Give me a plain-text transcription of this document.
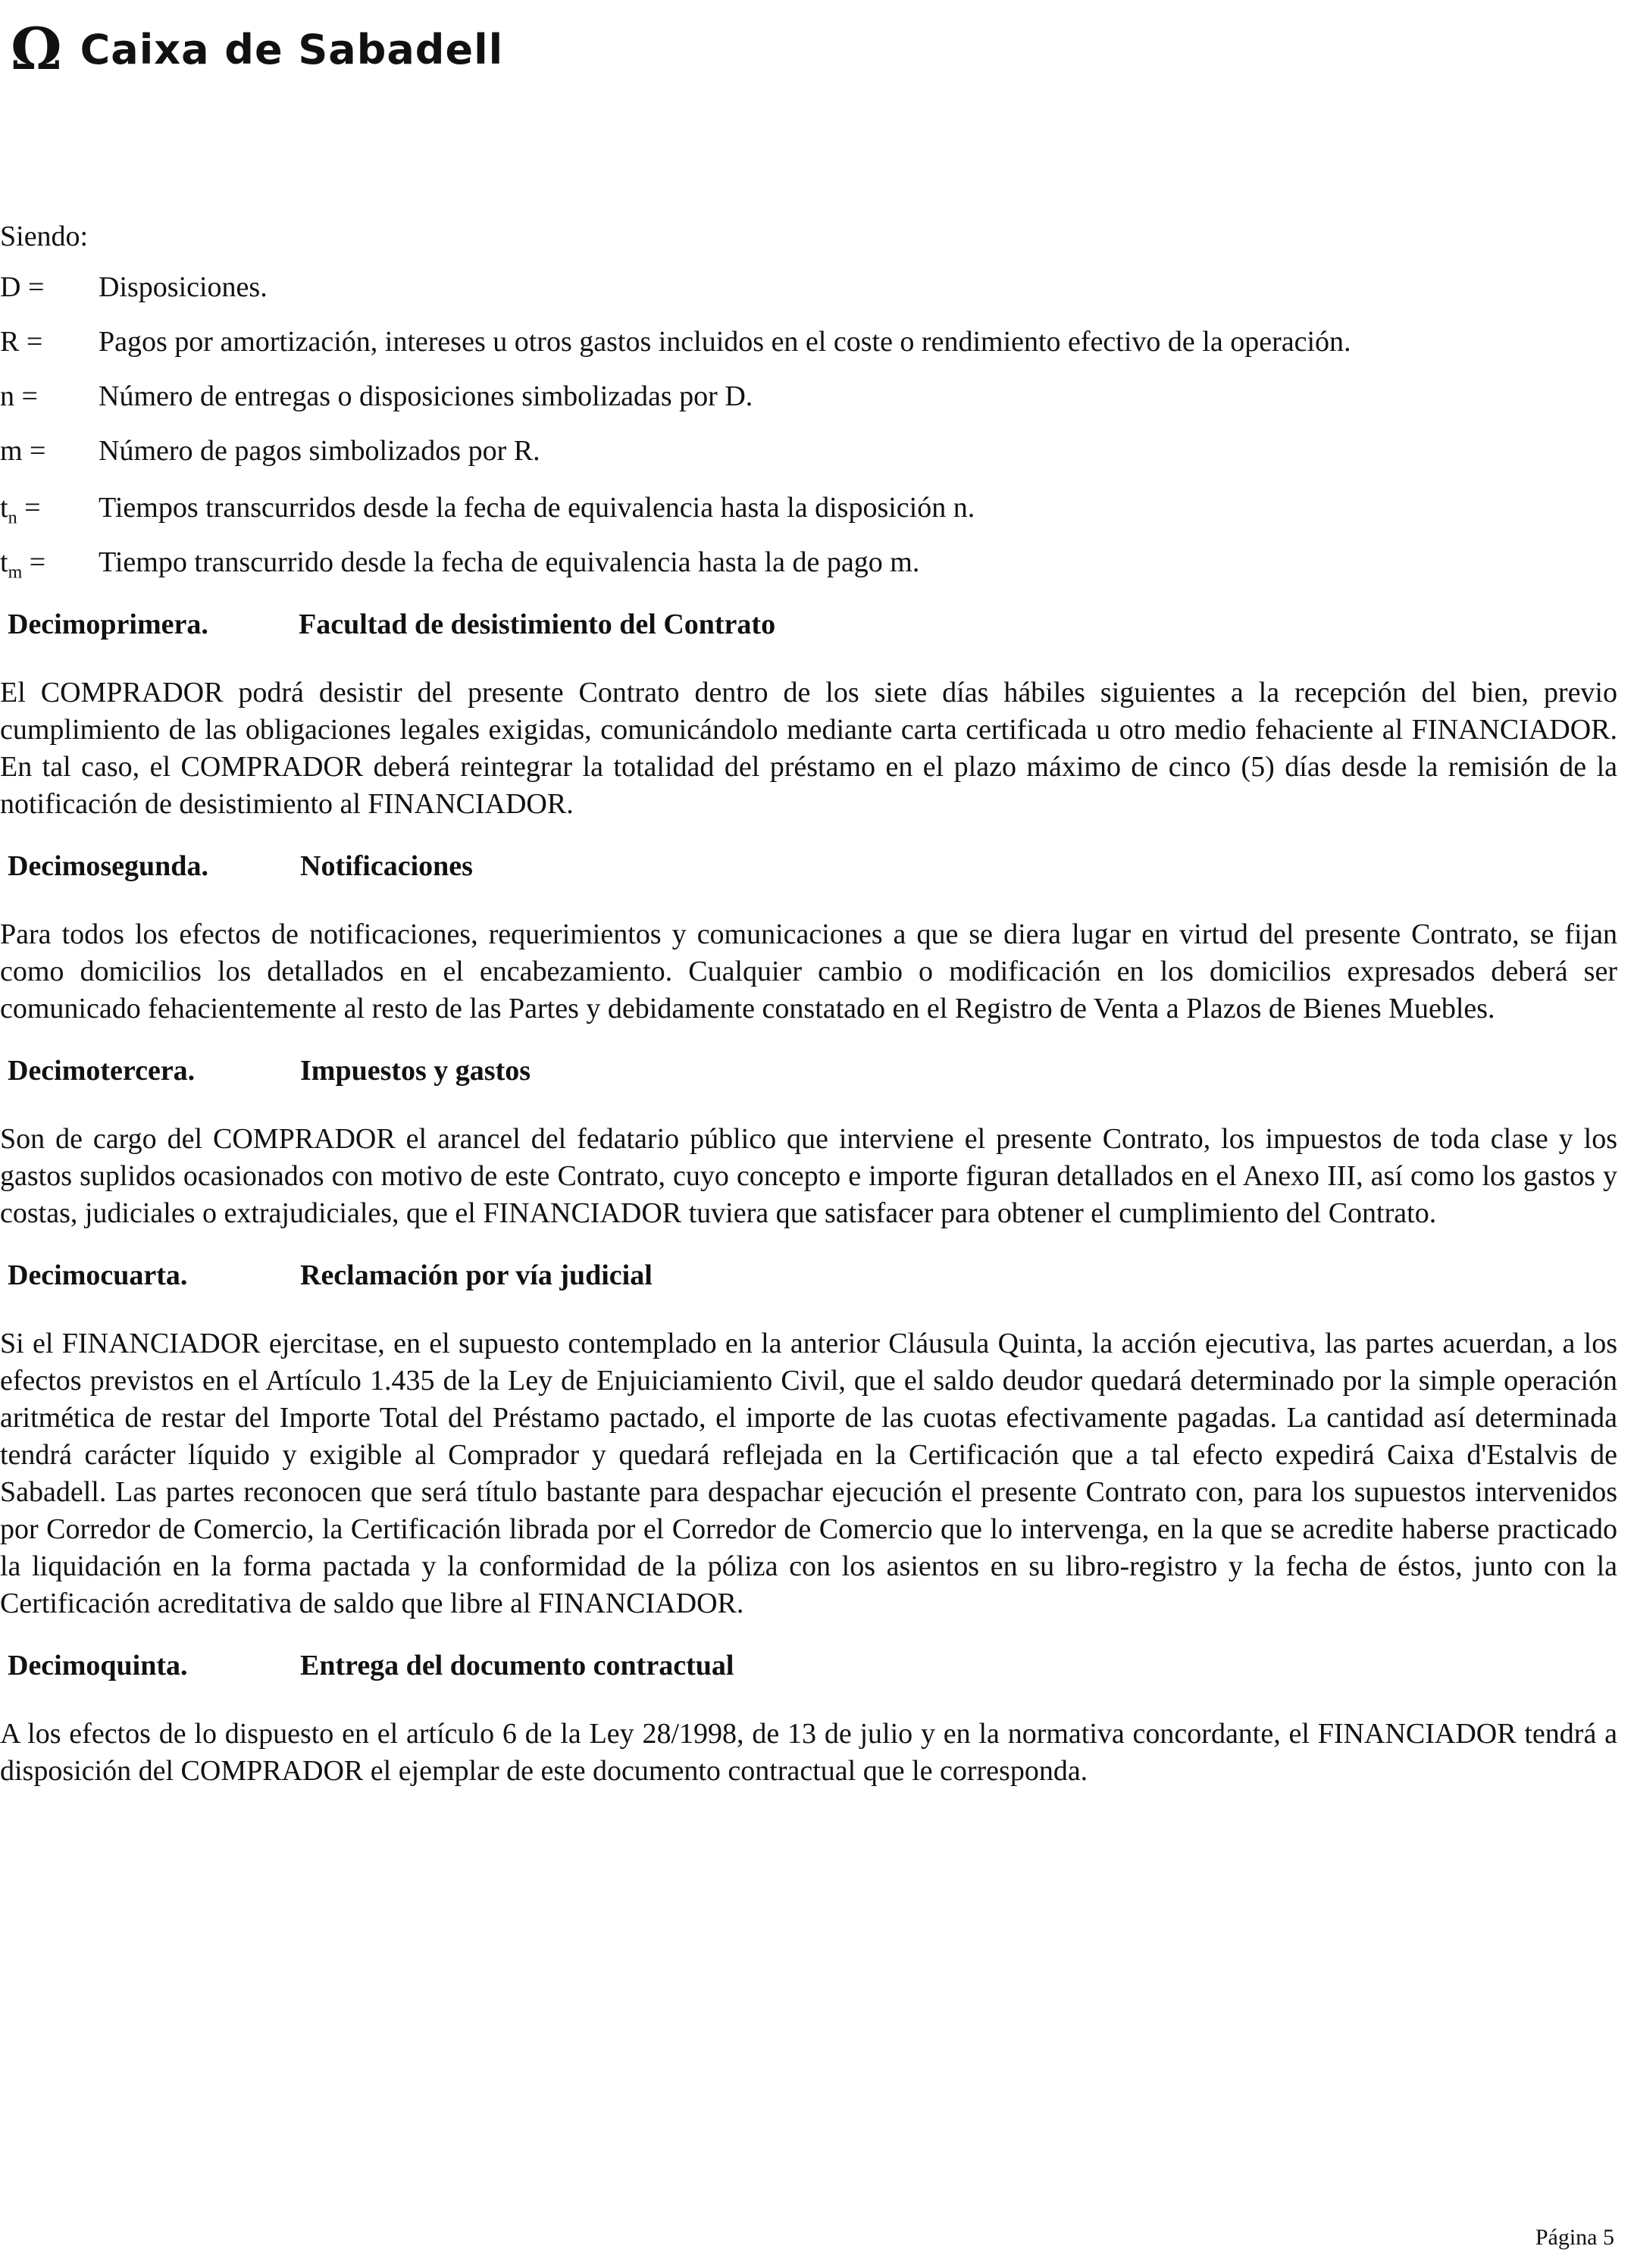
Ω Caixa de Sabadell

Siendo:

D =	Disposiciones.
R =	Pagos por amortización, intereses u otros gastos incluidos en el coste o rendimiento efectivo de la operación.
n =	Número de entregas o disposiciones simbolizadas por D.
m =	Número de pagos simbolizados por R.
$t_n$ =	Tiempos transcurridos desde la fecha de equivalencia hasta la disposición n.
$t_m$ =	Tiempo transcurrido desde la fecha de equivalencia hasta la de pago m.
Decimoprimera.	Facultad de desistimiento del Contrato

El COMPRADOR podrá desistir del presente Contrato dentro de los siete días hábiles siguientes a la recepción del bien, previo cumplimiento de las obligaciones legales exigidas, comunicándolo mediante carta certificada u otro medio fehaciente al FINANCIADOR. En tal caso, el COMPRADOR deberá reintegrar la totalidad del préstamo en el plazo máximo de cinco (5) días desde la remisión de la notificación de desistimiento al FINANCIADOR.

Decimosegunda.	Notificaciones

Para todos los efectos de notificaciones, requerimientos y comunicaciones a que se diera lugar en virtud del presente Contrato, se fijan como domicilios los detallados en el encabezamiento. Cualquier cambio o modificación en los domicilios expresados deberá ser comunicado fehacientemente al resto de las Partes y debidamente constatado en el Registro de Venta a Plazos de Bienes Muebles.

Decimotercera.	Impuestos y gastos

Son de cargo del COMPRADOR el arancel del fedatario público que interviene el presente Contrato, los impuestos de toda clase y los gastos suplidos ocasionados con motivo de este Contrato, cuyo concepto e importe figuran detallados en el Anexo III, así como los gastos y costas, judiciales o extrajudiciales, que el FINANCIADOR tuviera que satisfacer para obtener el cumplimiento del Contrato.

Decimocuarta.	Reclamación por vía judicial

Si el FINANCIADOR ejercitase, en el supuesto contemplado en la anterior Cláusula Quinta, la acción ejecutiva, las partes acuerdan, a los efectos previstos en el Artículo 1.435 de la Ley de Enjuiciamiento Civil, que el saldo deudor quedará determinado por la simple operación aritmética de restar del Importe Total del Préstamo pactado, el importe de las cuotas efectivamente pagadas. La cantidad así determinada tendrá carácter líquido y exigible al Comprador y quedará reflejada en la Certificación que a tal efecto expedirá Caixa d'Estalvis de Sabadell. Las partes reconocen que será título bastante para despachar ejecución el presente Contrato con, para los supuestos intervenidos por Corredor de Comercio, la Certificación librada por el Corredor de Comercio que lo intervenga, en la que se acredite haberse practicado la liquidación en la forma pactada y la conformidad de la póliza con los asientos en su libro-registro y la fecha de éstos, junto con la Certificación acreditativa de saldo que libre al FINANCIADOR.

Decimoquinta.	Entrega del documento contractual

A los efectos de lo dispuesto en el artículo 6 de la Ley 28/1998, de 13 de julio y en la normativa concordante, el FINANCIADOR tendrá a disposición del COMPRADOR el ejemplar de este documento contractual que le corresponda.

Página 5
